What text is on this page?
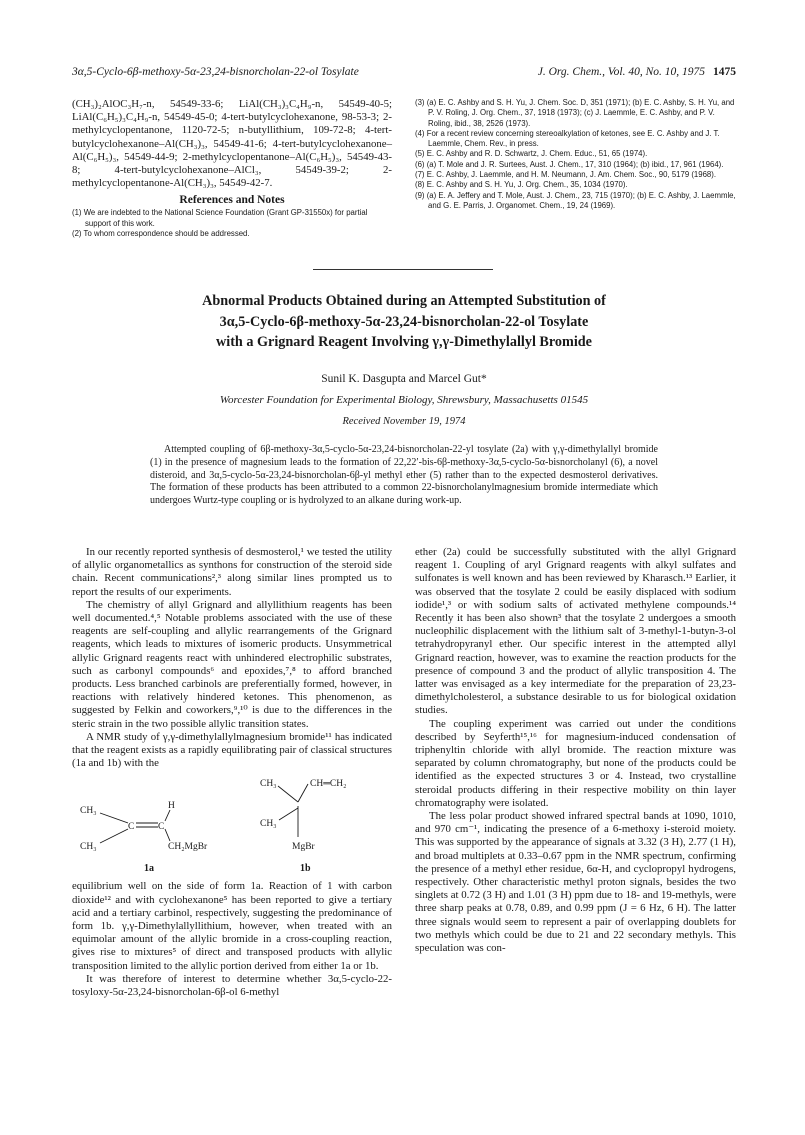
3α,5-Cyclo-6β-methoxy-5α-23,24-bisnorcholan-22-ol Tosylate	J. Org. Chem., Vol. 40, No. 10, 1975 1475

(CH₃)₂AlOC₃H₇-n, 54549-33-6; LiAl(CH₃)₃C₄H₉-n, 54549-40-5; LiAl(C₆H₅)₃C₄H₉-n, 54549-45-0; 4-tert-butylcyclohexanone, 98-53-3; 2-methylcyclopentanone, 1120-72-5; n-butyllithium, 109-72-8; 4-tert-butylcyclohexanone–Al(CH₃)₃, 54549-41-6; 4-tert-butylcyclohexanone–Al(C₆H₅)₃, 54549-44-9; 2-methylcyclopentanone–Al(C₆H₅)₃, 54549-43-8; 4-tert-butylcyclohexanone–AlCl₃, 54549-39-2; 2-methylcyclopentanone-Al(CH₃)₃, 54549-42-7.

References and Notes

(1) We are indebted to the National Science Foundation (Grant GP-31550x) for partial support of this work.

(2) To whom correspondence should be addressed.

(3) (a) E. C. Ashby and S. H. Yu, J. Chem. Soc. D, 351 (1971); (b) E. C. Ashby, S. H. Yu, and P. V. Roling, J. Org. Chem., 37, 1918 (1973); (c) J. Laemmle, E. C. Ashby, and P. V. Roling, ibid., 38, 2526 (1973).

(4) For a recent review concerning stereoalkylation of ketones, see E. C. Ashby and J. T. Laemmle, Chem. Rev., in press.

(5) E. C. Ashby and R. D. Schwartz, J. Chem. Educ., 51, 65 (1974).

(6) (a) T. Mole and J. R. Surtees, Aust. J. Chem., 17, 310 (1964); (b) ibid., 17, 961 (1964).

(7) E. C. Ashby, J. Laemmle, and H. M. Neumann, J. Am. Chem. Soc., 90, 5179 (1968).

(8) E. C. Ashby and S. H. Yu, J. Org. Chem., 35, 1034 (1970).

(9) (a) E. A. Jeffery and T. Mole, Aust. J. Chem., 23, 715 (1970); (b) E. C. Ashby, J. Laemmle, and G. E. Parris, J. Organomet. Chem., 19, 24 (1969).

Abnormal Products Obtained during an Attempted Substitution of
3α,5-Cyclo-6β-methoxy-5α-23,24-bisnorcholan-22-ol Tosylate
with a Grignard Reagent Involving γ,γ-Dimethylallyl Bromide
Sunil K. Dasgupta and Marcel Gut*
Worcester Foundation for Experimental Biology, Shrewsbury, Massachusetts 01545
Received November 19, 1974

Attempted coupling of 6β-methoxy-3α,5-cyclo-5α-23,24-bisnorcholan-22-yl tosylate (2a) with γ,γ-dimethylallyl bromide (1) in the presence of magnesium leads to the formation of 22,22′-bis-6β-methoxy-3α,5-cyclo-5α-bisnorcholanyl (6), a novel disteroid, and 3α,5-cyclo-5α-23,24-bisnorcholan-6β-yl methyl ether (5) rather than to the expected desmosterol derivatives. The formation of these products has been attributed to a common 22-bisnorcholanylmagnesium bromide intermediate which undergoes Wurtz-type coupling or is hydrolyzed to an alkane during work-up.

In our recently reported synthesis of desmosterol,¹ we tested the utility of allylic organometallics as synthons for construction of the steroid side chain. Recent communications²,³ along similar lines prompted us to report the results of our experiments.

The chemistry of allyl Grignard and allyllithium reagents has been well documented.⁴,⁵ Notable problems associated with the use of these reagents are self-coupling and allylic rearrangements of the Grignard reagents, which leads to mixtures of isomeric products. Unsymmetrical allylic Grignard reagents react with unhindered electrophilic substrates, such as carbonyl compounds⁶ and epoxides,⁷,⁸ to afford branched products. Less branched carbinols are preferentially formed, however, in reactions with relatively hindered ketones. This phenomenon, as suggested by Felkin and coworkers,⁹,¹⁰ is due to the differences in the steric strain in the two possible allylic transition states.

A NMR study of γ,γ-dimethylallylmagnesium bromide¹¹ has indicated that the reagent exists as a rapidly equilibrating pair of classical structures (1a and 1b) with the

CH₃	H
C C
CH₃	CH₂MgBr
1a
CH₃	CH═CH₂
CH₃
MgBr
1b

equilibrium well on the side of form 1a. Reaction of 1 with carbon dioxide¹² and with cyclohexanone⁵ has been reported to give a tertiary acid and a tertiary carbinol, respectively, suggesting the predominance of form 1b. γ,γ-Dimethylallyllithium, however, when treated with an equimolar amount of the allylic bromide in a cross-coupling reaction, gives rise to mixtures⁵ of direct and transposed products with allylic transposition limited to the allylic portion derived from either 1a or 1b.

It was therefore of interest to determine whether 3α,5-cyclo-22-tosyloxy-5α-23,24-bisnorcholan-6β-ol 6-methyl

ether (2a) could be successfully substituted with the allyl Grignard reagent 1. Coupling of aryl Grignard reagents with alkyl sulfates and sulfonates is well known and has been reviewed by Kharasch.¹³ Earlier, it was observed that the tosylate 2 could be easily displaced with sodium iodide¹,³ or with sodium salts of activated methylene compounds.¹⁴ Recently it has been also shown³ that the tosylate 2 undergoes a smooth nucleophilic displacement with the lithium salt of 3-methyl-1-butyn-3-ol tetrahydropyranyl ether. Our specific interest in the attempted allyl Grignard reaction, however, was to examine the reaction products for the presence of compound 3 and the product of allylic transposition 4. The latter was envisaged as a key intermediate for the preparation of 23,23-dimethylcholesterol, a substance desirable to us for biological oxidation studies.

The coupling experiment was carried out under the conditions described by Seyferth¹⁵,¹⁶ for magnesium-induced condensation of triphenyltin chloride with allyl bromide. The reaction mixture was separated by column chromatography, but none of the products could be identified as the expected structures 3 or 4. Instead, two crystalline steroidal products differing in their respective mobility on thin layer chromatography were isolated.

The less polar product showed infrared spectral bands at 1090, 1010, and 970 cm⁻¹, indicating the presence of a 6-methoxy i-steroid moiety. This was supported by the appearance of signals at 3.32 (3 H), 2.77 (1 H), and broad multiplets at 0.33–0.67 ppm in the NMR spectrum, confirming the presence of a methyl ether residue, 6α-H, and cyclopropyl hydrogens, respectively. Other characteristic methyl proton signals, besides the two singlets at 0.72 (3 H) and 1.01 (3 H) ppm due to 18- and 19-methyls, were three sharp peaks at 0.78, 0.89, and 0.99 ppm (J = 6 Hz, 6 H). The latter three signals would seem to represent a pair of overlapping doublets for two methyls which could be due to 21 and 22 secondary methyls. This speculation was con-
